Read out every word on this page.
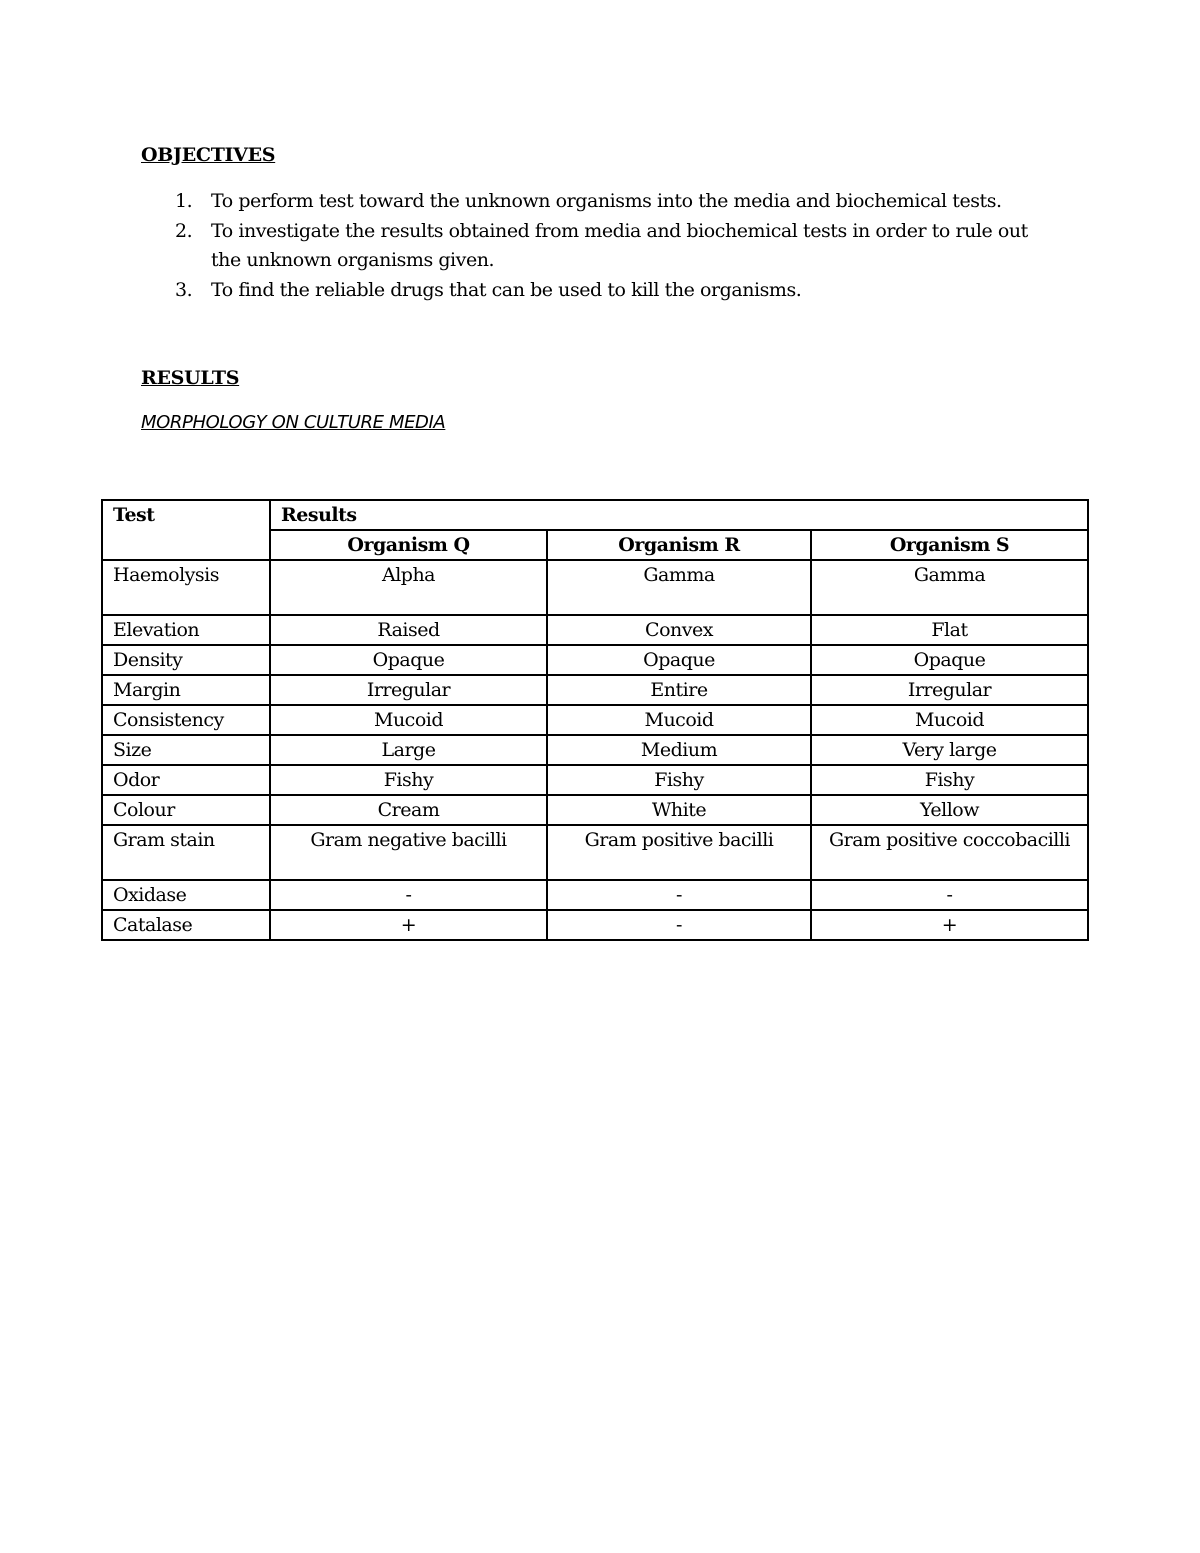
OBJECTIVES
1. To perform test toward the unknown organisms into the media and biochemical tests.
2. To investigate the results obtained from media and biochemical tests in order to rule out the unknown organisms given.
3. To find the reliable drugs that can be used to kill the organisms.
RESULTS
MORPHOLOGY ON CULTURE MEDIA
Test	Results		
	Organism Q	Organism R	Organism S
Haemolysis	Alpha	Gamma	Gamma
Elevation	Raised	Convex	Flat
Density	Opaque	Opaque	Opaque
Margin	Irregular	Entire	Irregular
Consistency	Mucoid	Mucoid	Mucoid
Size	Large	Medium	Very large
Odor	Fishy	Fishy	Fishy
Colour	Cream	White	Yellow
Gram stain	Gram negative bacilli	Gram positive bacilli	Gram positive coccobacilli
Oxidase	-	-	-
Catalase	+	-	+
